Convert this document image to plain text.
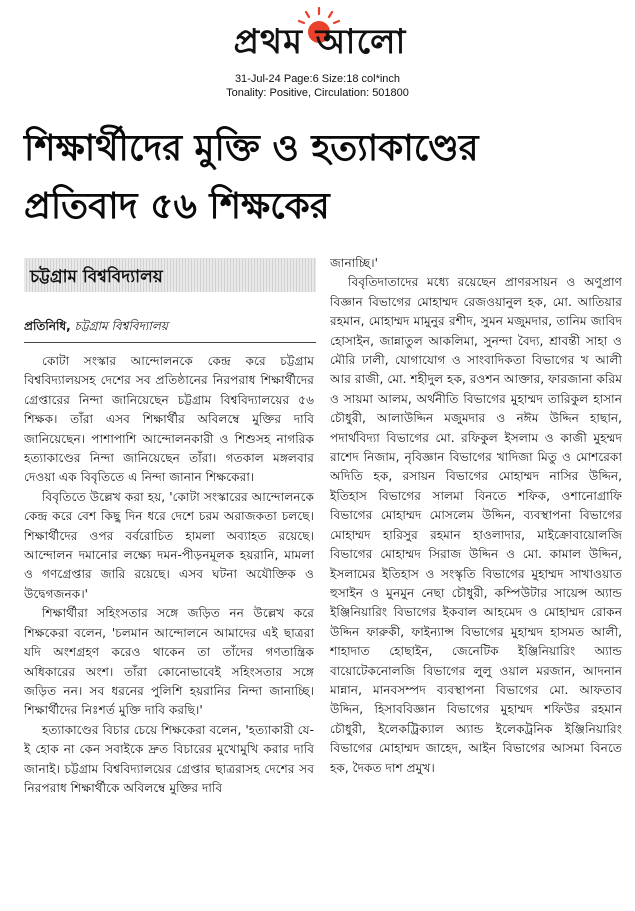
প্রথম আলো
31-Jul-24 Page:6 Size:18 col*inch
Tonality: Positive, Circulation: 501800
শিক্ষার্থীদের মুক্তি ও হত্যাকাণ্ডের
প্রতিবাদ ৫৬ শিক্ষকের
চট্টগ্রাম বিশ্ববিদ্যালয়
প্রতিনিধি, চট্টগ্রাম বিশ্ববিদ্যালয়

কোটা সংস্কার আন্দোলনকে কেন্দ্র করে চট্টগ্রাম বিশ্ববিদ্যালয়সহ দেশের সব প্রতিষ্ঠানের নিরপরাধ শিক্ষার্থীদের গ্রেপ্তারের নিন্দা জানিয়েছেন চট্টগ্রাম বিশ্ববিদ্যালয়ের ৫৬ শিক্ষক। তাঁরা এসব শিক্ষার্থীর অবিলম্বে মুক্তির দাবি জানিয়েছেন। পাশাপাশি আন্দোলনকারী ও শিশুসহ নাগরিক হত্যাকাণ্ডের নিন্দা জানিয়েছেন তাঁরা। গতকাল মঙ্গলবার দেওয়া এক বিবৃতিতে এ নিন্দা জানান শিক্ষকেরা।

বিবৃতিতে উল্লেখ করা হয়, 'কোটা সংস্কারের আন্দোলনকে কেন্দ্র করে বেশ কিছু দিন ধরে দেশে চরম অরাজকতা চলছে। শিক্ষার্থীদের ওপর বর্বরোচিত হামলা অব্যাহত রয়েছে। আন্দোলন দমানোর লক্ষ্যে দমন-পীড়নমূলক হয়রানি, মামলা ও গণগ্রেপ্তার জারি রয়েছে। এসব ঘটনা অযৌক্তিক ও উদ্বেগজনক।'

শিক্ষার্থীরা সহিংসতার সঙ্গে জড়িত নন উল্লেখ করে শিক্ষকেরা বলেন, 'চলমান আন্দোলনে আমাদের এই ছাত্ররা যদি অংশগ্রহণ করেও থাকেন তা তাঁদের গণতান্ত্রিক অধিকারের অংশ। তাঁরা কোনোভাবেই সহিংসতার সঙ্গে জড়িত নন। সব ধরনের পুলিশি হয়রানির নিন্দা জানাচ্ছি। শিক্ষার্থীদের নিঃশর্ত মুক্তি দাবি করছি।'

হত্যাকাণ্ডের বিচার চেয়ে শিক্ষকেরা বলেন, 'হত্যাকারী যে-ই হোক না কেন সবাইকে দ্রুত বিচারের মুখোমুখি করার দাবি জানাই। চট্টগ্রাম বিশ্ববিদ্যালয়ের গ্রেপ্তার ছাত্ররাসহ দেশের সব নিরপরাধ শিক্ষার্থীকে অবিলম্বে মুক্তির দাবি

জানাচ্ছি।'

বিবৃতিদাতাদের মধ্যে রয়েছেন প্রাণরসায়ন ও অণুপ্রাণ বিজ্ঞান বিভাগের মোহাম্মদ রেজওয়ানুল হক, মো. আতিয়ার রহমান, মোহাম্মদ মামুনুর রশীদ, সুমন মজুমদার, তানিম জাবিদ হোসাইন, জান্নাতুল আকলিমা, সুনন্দা বৈদ্য, শ্রাবন্তী সাহা ও মৌরি ঢালী, যোগাযোগ ও সাংবাদিকতা বিভাগের খ আলী আর রাজী, মো. শহীদুল হক, রওশন আক্তার, ফারজানা করিম ও সায়মা আলম, অর্থনীতি বিভাগের মুহাম্মদ তারিকুল হাসান চৌধুরী, আলাউদ্দিন মজুমদার ও নঈম উদ্দিন হাছান, পদার্থবিদ্যা বিভাগের মো. রফিকুল ইসলাম ও কাজী মুহম্মদ রাশেদ নিজাম, নৃবিজ্ঞান বিভাগের খাদিজা মিতু ও মোশরেকা অদিতি হক, রসায়ন বিভাগের মোহাম্মদ নাসির উদ্দিন, ইতিহাস বিভাগের সালমা বিনতে শফিক, ওশানোগ্রাফি বিভাগের মোহাম্মদ মোসলেম উদ্দিন, ব্যবস্থাপনা বিভাগের মোহাম্মদ হারিসুর রহমান হাওলাদার, মাইক্রোবায়োলজি বিভাগের মোহাম্মদ সিরাজ উদ্দিন ও মো. কামাল উদ্দিন, ইসলামের ইতিহাস ও সংস্কৃতি বিভাগের মুহাম্মদ সাখাওয়াত হুসাইন ও মুনমুন নেছা চৌধুরী, কম্পিউটার সায়েন্স অ্যান্ড ইঞ্জিনিয়ারিং বিভাগের ইকবাল আহমেদ ও মোহাম্মদ রোকন উদ্দিন ফারুকী, ফাইন্যান্স বিভাগের মুহাম্মদ হাসমত আলী, শাহাদাত হোছাইন, জেনেটিক ইঞ্জিনিয়ারিং অ্যান্ড বায়োটেকনোলজি বিভাগের লুলু ওয়াল মরজান, আদনান মান্নান, মানবসম্পদ ব্যবস্থাপনা বিভাগের মো. আফতাব উদ্দিন, হিসাববিজ্ঞান বিভাগের মুহাম্মদ শফিউর রহমান চৌধুরী, ইলেকট্রিক্যাল অ্যান্ড ইলেকট্রনিক ইঞ্জিনিয়ারিং বিভাগের মোহাম্মদ জাহেদ, আইন বিভাগের আসমা বিনতে হক, দৈকত দাশ প্রমুখ।
